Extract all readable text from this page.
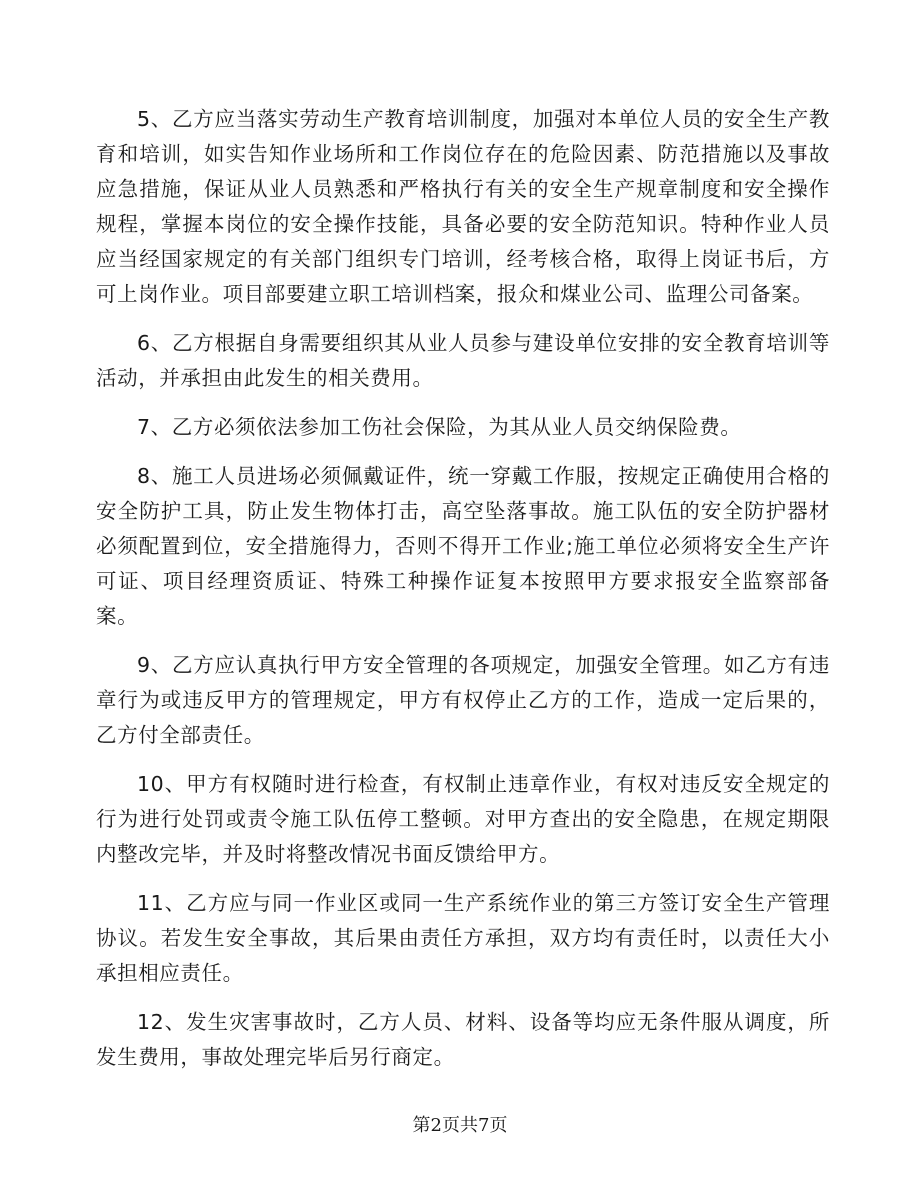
5、乙方应当落实劳动生产教育培训制度，加强对本单位人员的安全生产教育和培训，如实告知作业场所和工作岗位存在的危险因素、防范措施以及事故应急措施，保证从业人员熟悉和严格执行有关的安全生产规章制度和安全操作规程，掌握本岗位的安全操作技能，具备必要的安全防范知识。特种作业人员应当经国家规定的有关部门组织专门培训，经考核合格，取得上岗证书后，方可上岗作业。项目部要建立职工培训档案，报众和煤业公司、监理公司备案。

6、乙方根据自身需要组织其从业人员参与建设单位安排的安全教育培训等活动，并承担由此发生的相关费用。

7、乙方必须依法参加工伤社会保险，为其从业人员交纳保险费。

8、施工人员进场必须佩戴证件，统一穿戴工作服，按规定正确使用合格的安全防护工具，防止发生物体打击，高空坠落事故。施工队伍的安全防护器材必须配置到位，安全措施得力，否则不得开工作业;施工单位必须将安全生产许可证、项目经理资质证、特殊工种操作证复本按照甲方要求报安全监察部备案。

9、乙方应认真执行甲方安全管理的各项规定，加强安全管理。如乙方有违章行为或违反甲方的管理规定，甲方有权停止乙方的工作，造成一定后果的，乙方付全部责任。

10、甲方有权随时进行检查，有权制止违章作业，有权对违反安全规定的行为进行处罚或责令施工队伍停工整顿。对甲方查出的安全隐患，在规定期限内整改完毕，并及时将整改情况书面反馈给甲方。

11、乙方应与同一作业区或同一生产系统作业的第三方签订安全生产管理协议。若发生安全事故，其后果由责任方承担，双方均有责任时，以责任大小承担相应责任。

12、发生灾害事故时，乙方人员、材料、设备等均应无条件服从调度，所发生费用，事故处理完毕后另行商定。

第2页共7页
